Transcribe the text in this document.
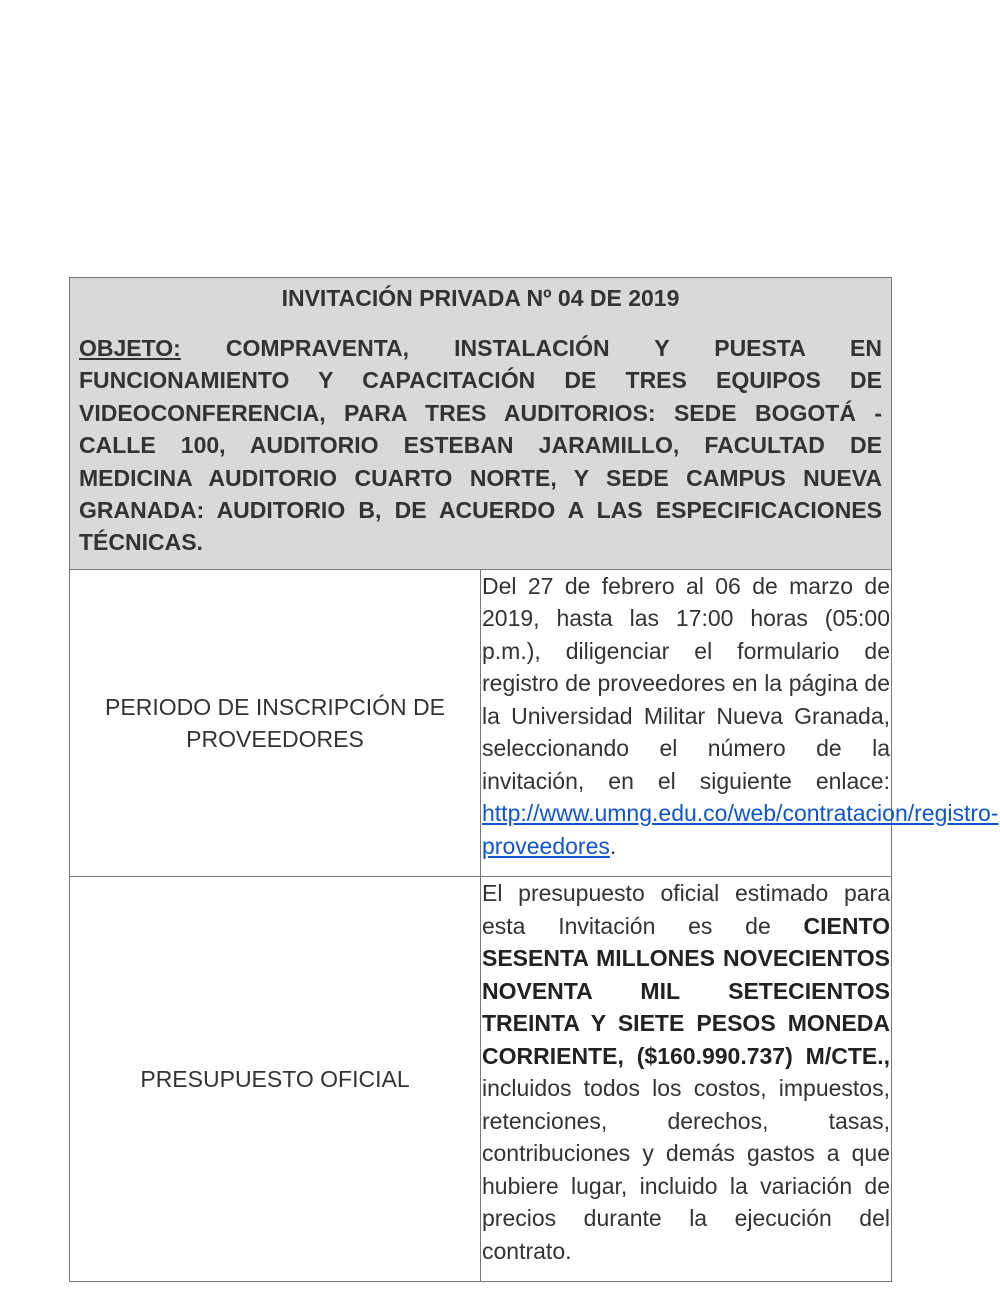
INVITACIÓN PRIVADA Nº 04 DE 2019

OBJETO: COMPRAVENTA, INSTALACIÓN Y PUESTA EN FUNCIONAMIENTO Y CAPACITACIÓN DE TRES EQUIPOS DE VIDEOCONFERENCIA, PARA TRES AUDITORIOS: SEDE BOGOTÁ - CALLE 100, AUDITORIO ESTEBAN JARAMILLO, FACULTAD DE MEDICINA AUDITORIO CUARTO NORTE, Y SEDE CAMPUS NUEVA GRANADA: AUDITORIO B, DE ACUERDO A LAS ESPECIFICACIONES TÉCNICAS.	

PERIODO DE INSCRIPCIÓN DE PROVEEDORES	Del 27 de febrero al 06 de marzo de 2019, hasta las 17:00 horas (05:00 p.m.), diligenciar el formulario de registro de proveedores en la página de la Universidad Militar Nueva Granada, seleccionando el número de la invitación, en el siguiente enlace: http://www.umng.edu.co/web/contratacion/registro-proveedores.

PRESUPUESTO OFICIAL	El presupuesto oficial estimado para esta Invitación es de CIENTO SESENTA MILLONES NOVECIENTOS NOVENTA MIL SETECIENTOS TREINTA Y SIETE PESOS MONEDA CORRIENTE, ($160.990.737) M/CTE., incluidos todos los costos, impuestos, retenciones, derechos, tasas, contribuciones y demás gastos a que hubiere lugar, incluido la variación de precios durante la ejecución del contrato.
